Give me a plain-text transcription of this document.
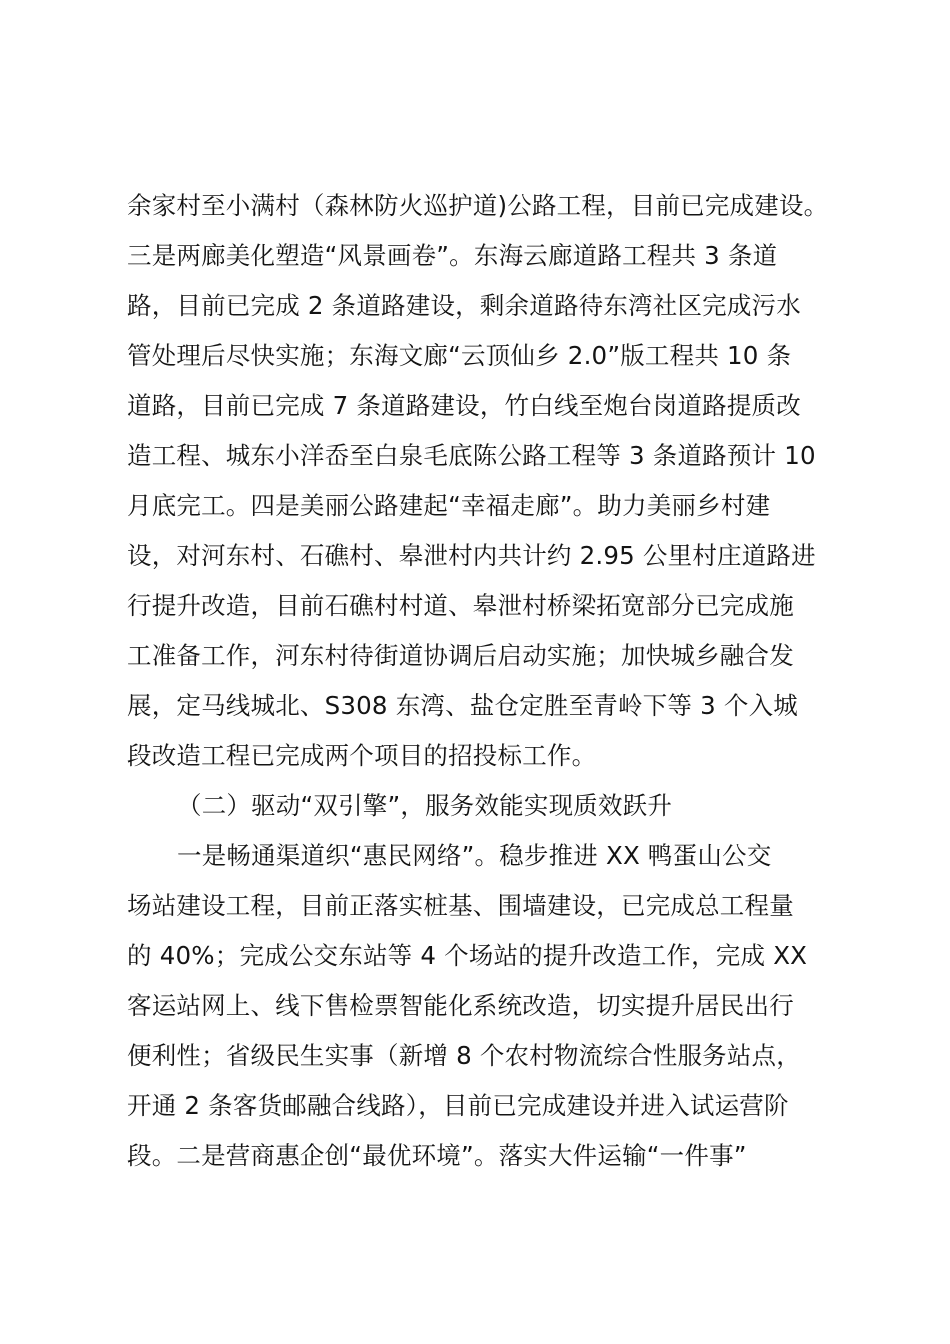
余家村至小满村（森林防火巡护道)公路工程，目前已完成建设。
三是两廊美化塑造“风景画卷”。东海云廊道路工程共 3 条道
路，目前已完成 2 条道路建设，剩余道路待东湾社区完成污水
管处理后尽快实施；东海文廊“云顶仙乡 2.0”版工程共 10 条
道路，目前已完成 7 条道路建设，竹白线至炮台岗道路提质改
造工程、城东小洋岙至白泉毛底陈公路工程等 3 条道路预计 10
月底完工。四是美丽公路建起“幸福走廊”。助力美丽乡村建
设，对河东村、石礁村、皋泄村内共计约 2.95 公里村庄道路进
行提升改造，目前石礁村村道、皋泄村桥梁拓宽部分已完成施
工准备工作，河东村待街道协调后启动实施；加快城乡融合发
展，定马线城北、S308 东湾、盐仓定胜至青岭下等 3 个入城
段改造工程已完成两个项目的招投标工作。
（二）驱动“双引擎”，服务效能实现质效跃升
一是畅通渠道织“惠民网络”。稳步推进 XX 鸭蛋山公交
场站建设工程，目前正落实桩基、围墙建设，已完成总工程量
的 40%；完成公交东站等 4 个场站的提升改造工作，完成 XX
客运站网上、线下售检票智能化系统改造，切实提升居民出行
便利性；省级民生实事（新增 8 个农村物流综合性服务站点，
开通 2 条客货邮融合线路），目前已完成建设并进入试运营阶
段。二是营商惠企创“最优环境”。落实大件运输“一件事”
